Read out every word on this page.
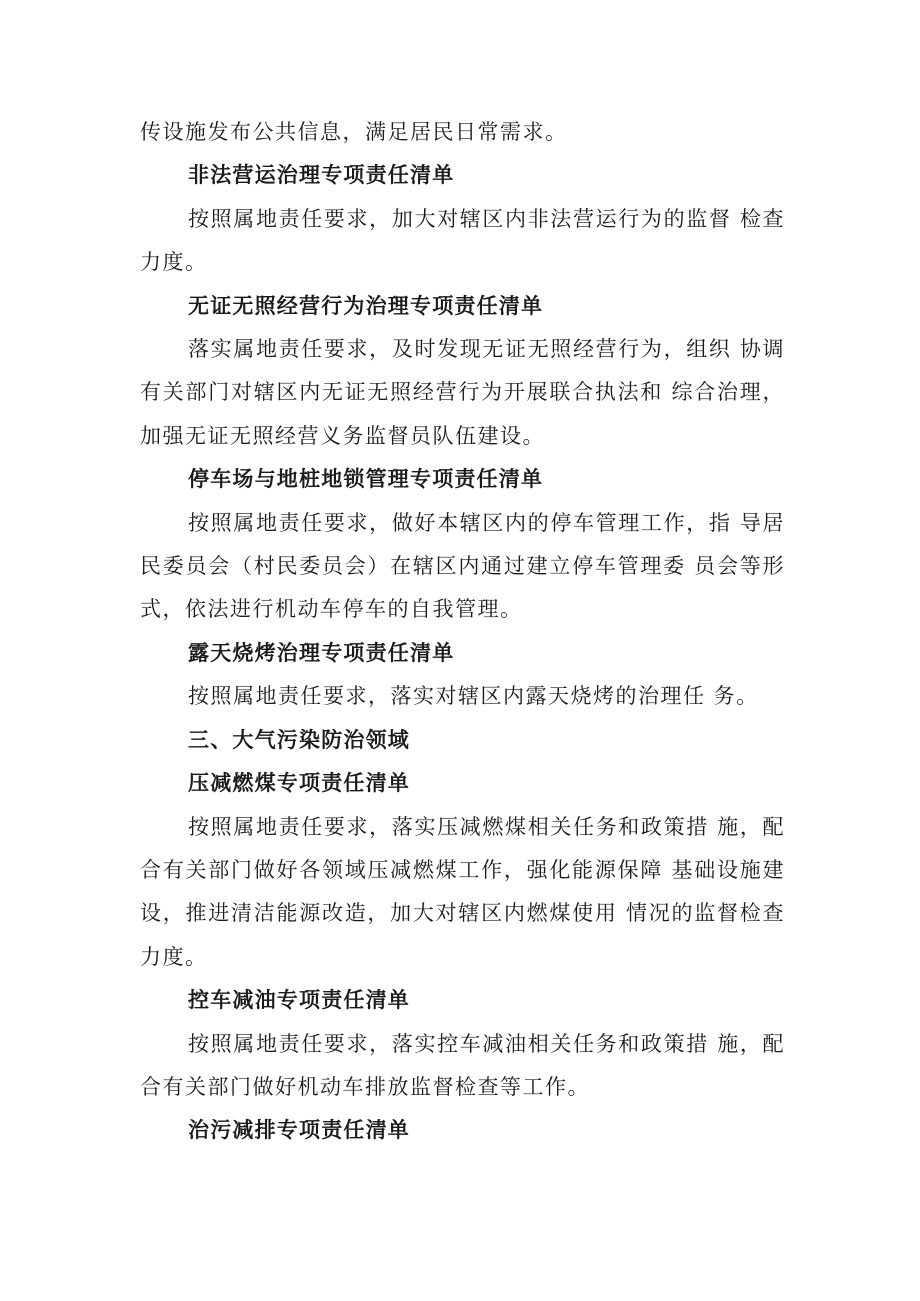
传设施发布公共信息，满足居民日常需求。

非法营运治理专项责任清单

按照属地责任要求，加大对辖区内非法营运行为的监督 检查力度。

无证无照经营行为治理专项责任清单

落实属地责任要求，及时发现无证无照经营行为，组织 协调有关部门对辖区内无证无照经营行为开展联合执法和 综合治理，加强无证无照经营义务监督员队伍建设。

停车场与地桩地锁管理专项责任清单

按照属地责任要求，做好本辖区内的停车管理工作，指 导居民委员会（村民委员会）在辖区内通过建立停车管理委 员会等形式，依法进行机动车停车的自我管理。

露天烧烤治理专项责任清单

按照属地责任要求，落实对辖区内露天烧烤的治理任 务。

三、大气污染防治领域

压减燃煤专项责任清单

按照属地责任要求，落实压减燃煤相关任务和政策措 施，配合有关部门做好各领域压减燃煤工作，强化能源保障 基础设施建设，推进清洁能源改造，加大对辖区内燃煤使用 情况的监督检查力度。

控车减油专项责任清单

按照属地责任要求，落实控车减油相关任务和政策措 施，配合有关部门做好机动车排放监督检查等工作。

治污减排专项责任清单
